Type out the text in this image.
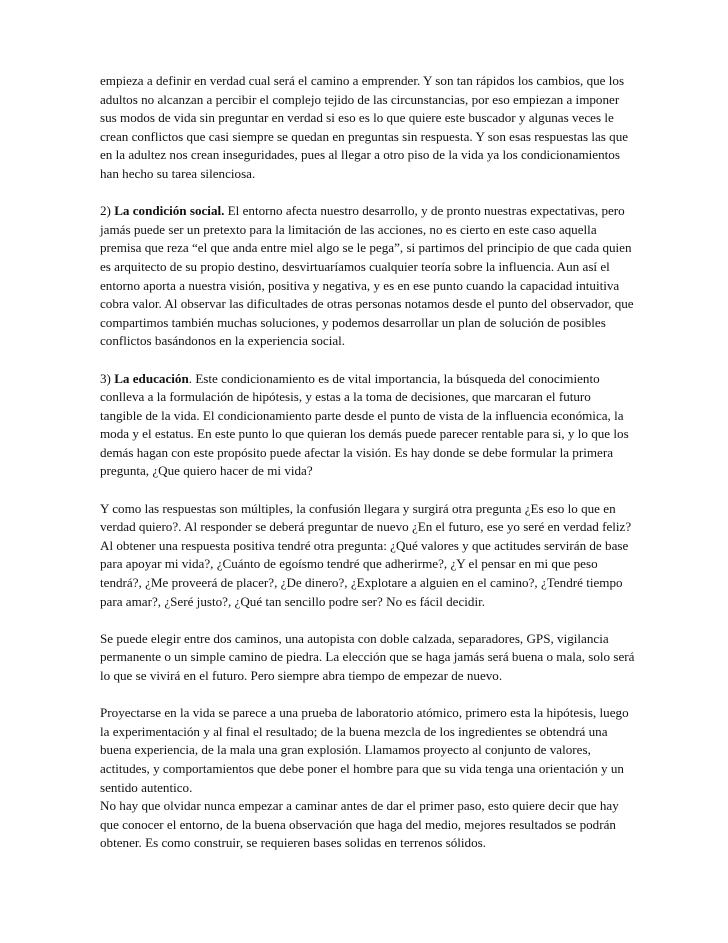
empieza a definir en verdad cual será el camino a emprender. Y son tan rápidos los cambios, que los adultos no alcanzan a percibir el complejo tejido de las circunstancias, por eso empiezan a imponer sus modos de vida sin preguntar en verdad si eso es lo que quiere este buscador y algunas veces le crean conflictos que casi siempre se quedan en preguntas sin respuesta. Y son esas respuestas las que en la adultez nos crean inseguridades, pues al llegar a otro piso de la vida ya los condicionamientos han hecho su tarea silenciosa.

2) La condición social. El entorno afecta nuestro desarrollo, y de pronto nuestras expectativas, pero jamás puede ser un pretexto para la limitación de las acciones, no es cierto en este caso aquella premisa que reza “el que anda entre miel algo se le pega”, si partimos del principio de que cada quien es arquitecto de su propio destino, desvirtuaríamos cualquier teoría sobre la influencia. Aun así el entorno aporta a nuestra visión, positiva y negativa, y es en ese punto cuando la capacidad intuitiva cobra valor. Al observar las dificultades de otras personas notamos desde el punto del observador, que compartimos también muchas soluciones, y podemos desarrollar un plan de solución de posibles conflictos basándonos en la experiencia social.

3) La educación. Este condicionamiento es de vital importancia, la búsqueda del conocimiento conlleva a la formulación de hipótesis, y estas a la toma de decisiones, que marcaran el futuro tangible de la vida. El condicionamiento parte desde el punto de vista de la influencia económica, la moda y el estatus. En este punto lo que quieran los demás puede parecer rentable para si, y lo que los demás hagan con este propósito puede afectar la visión. Es hay donde se debe formular la primera pregunta, ¿Que quiero hacer de mi vida?

Y como las respuestas son múltiples, la confusión llegara y surgirá otra pregunta ¿Es eso lo que en verdad quiero?. Al responder se deberá preguntar de nuevo ¿En el futuro, ese yo seré en verdad feliz? Al obtener una respuesta positiva tendré otra pregunta: ¿Qué valores y que actitudes servirán de base para apoyar mi vida?, ¿Cuánto de egoísmo tendré que adherirme?, ¿Y el pensar en mi que peso tendrá?, ¿Me proveerá de placer?, ¿De dinero?, ¿Explotare a alguien en el camino?, ¿Tendré tiempo para amar?, ¿Seré justo?, ¿Qué tan sencillo podre ser? No es fácil decidir.

Se puede elegir entre dos caminos, una autopista con doble calzada, separadores, GPS, vigilancia permanente o un simple camino de piedra. La elección que se haga jamás será buena o mala, solo será lo que se vivirá en el futuro. Pero siempre abra tiempo de empezar de nuevo.

Proyectarse en la vida se parece a una prueba de laboratorio atómico, primero esta la hipótesis, luego la experimentación y al final el resultado; de la buena mezcla de los ingredientes se obtendrá una buena experiencia, de la mala una gran explosión. Llamamos proyecto al conjunto de valores, actitudes, y comportamientos que debe poner el hombre para que su vida tenga una orientación y un sentido autentico.

No hay que olvidar nunca empezar a caminar antes de dar el primer paso, esto quiere decir que hay que conocer el entorno, de la buena observación que haga del medio, mejores resultados se podrán obtener. Es como construir, se requieren bases solidas en terrenos sólidos.
